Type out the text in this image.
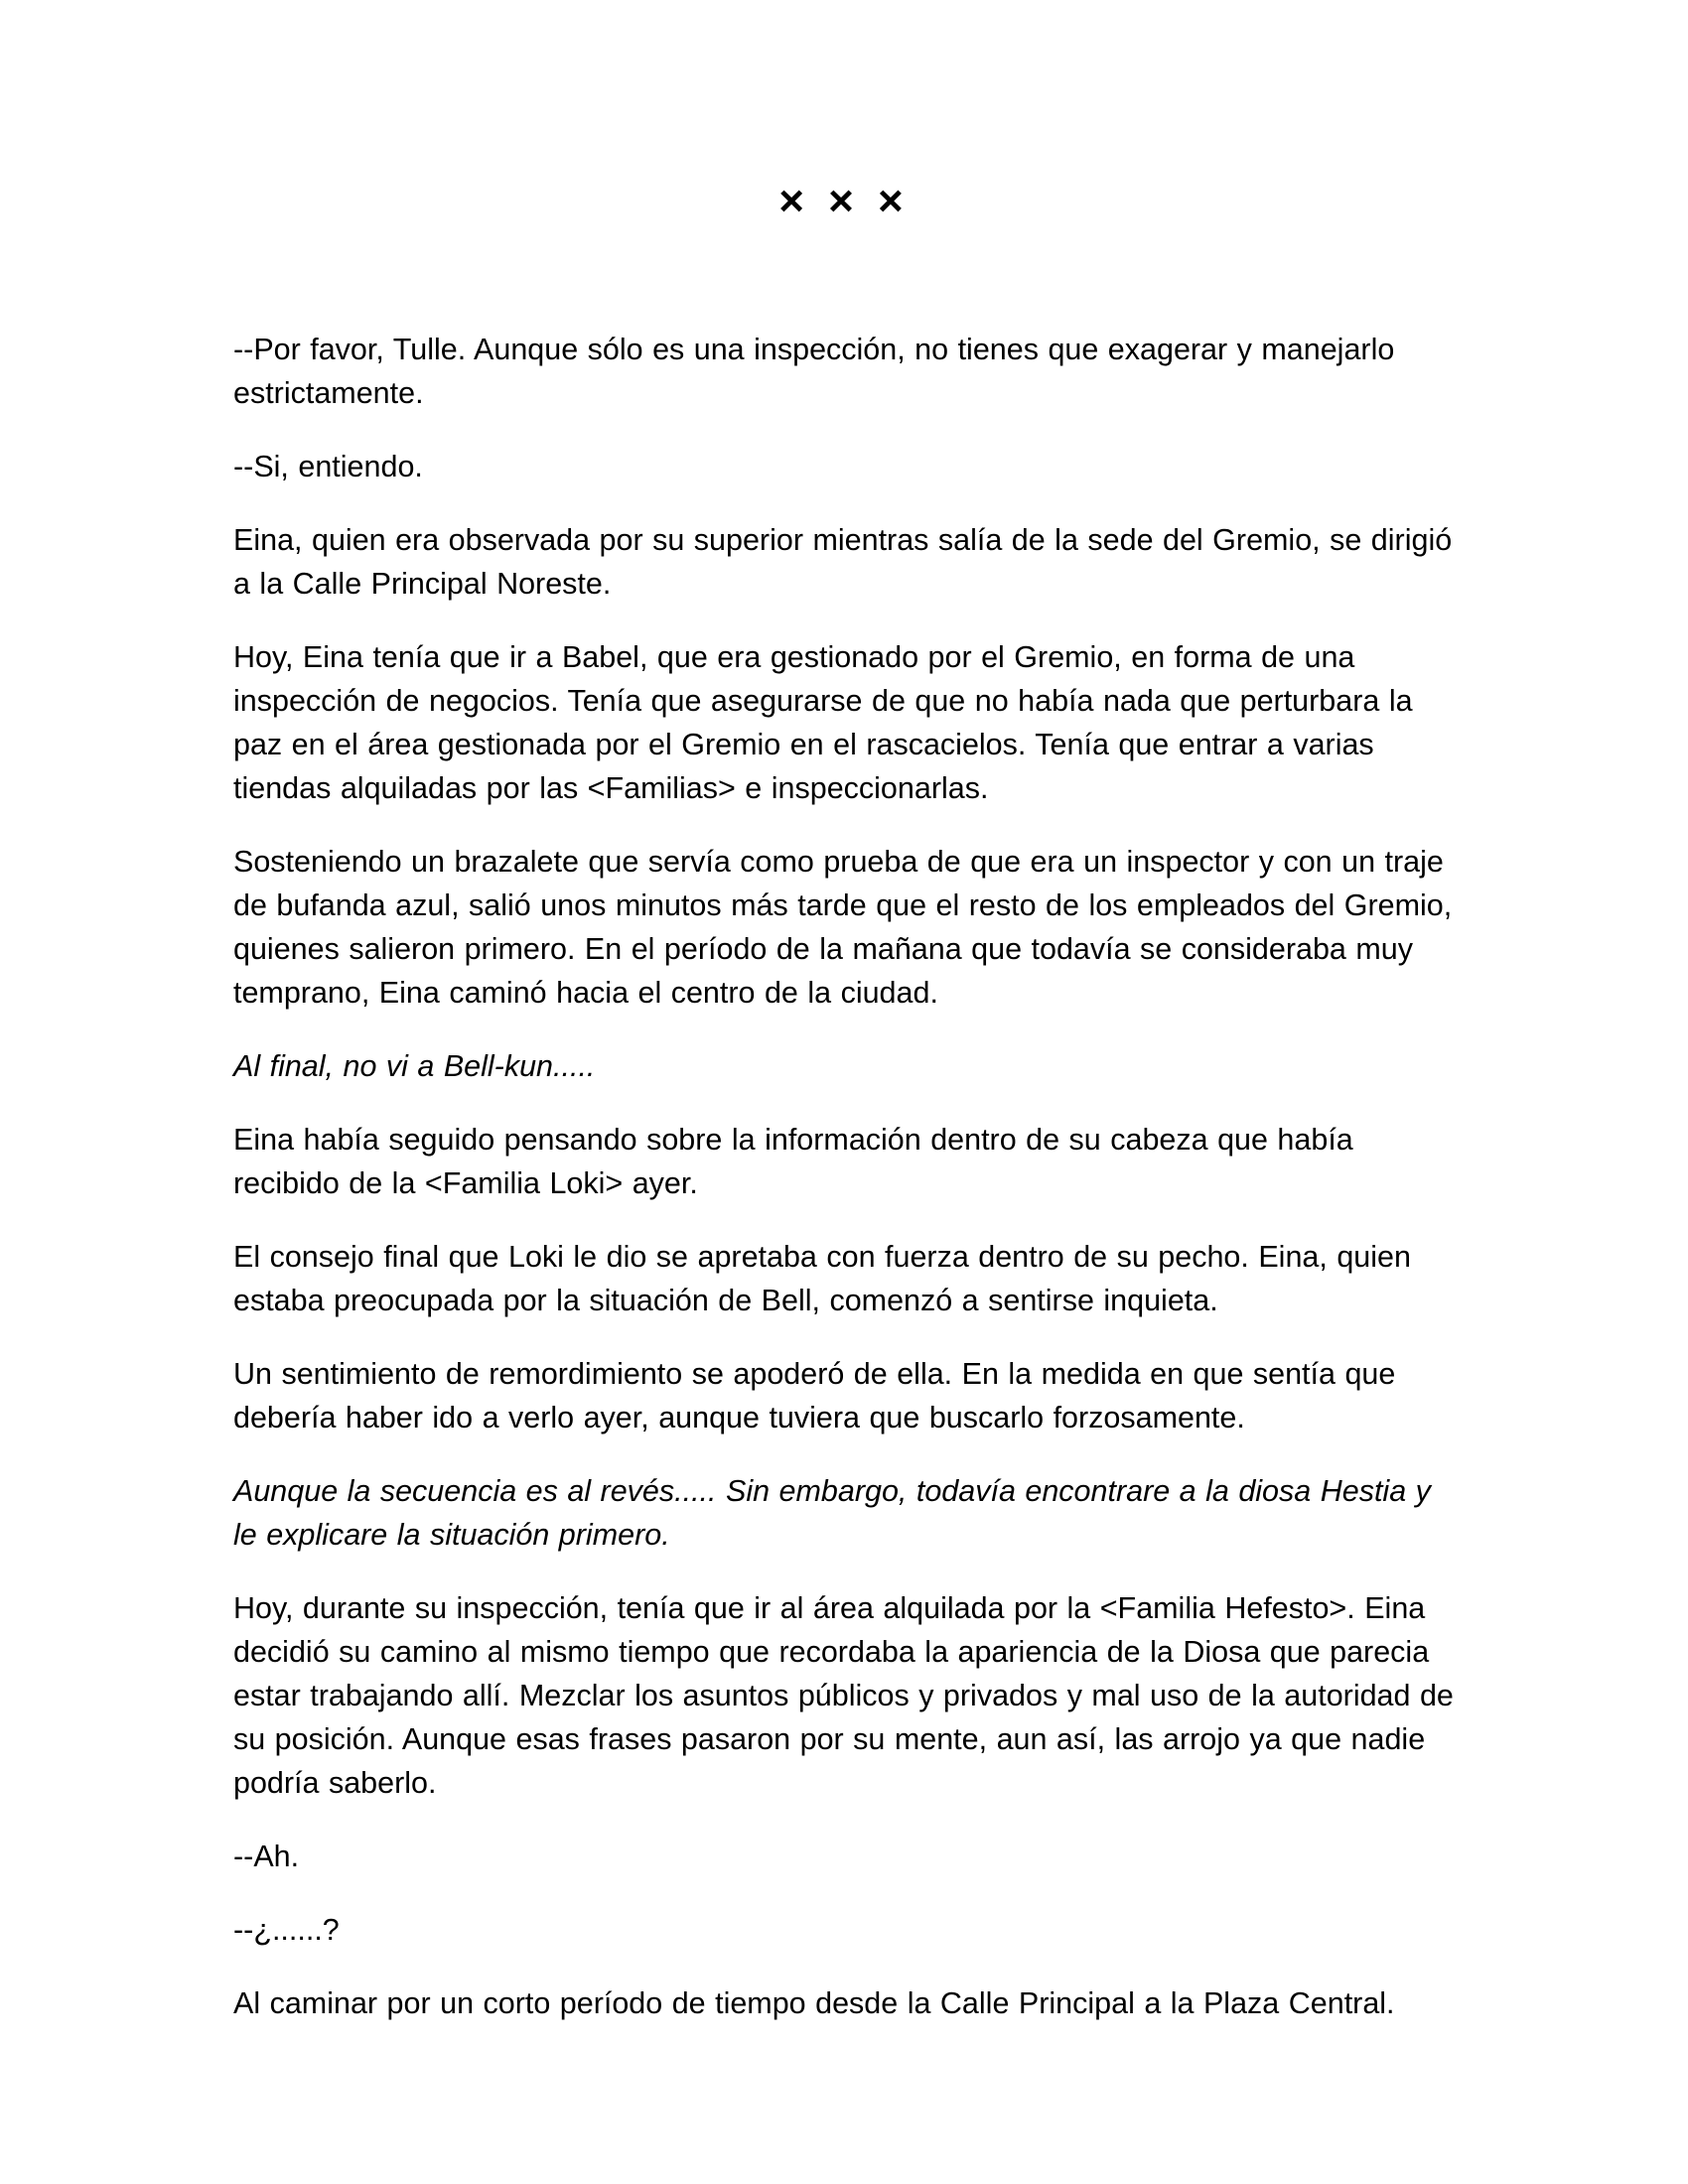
× × ×

--Por favor, Tulle. Aunque sólo es una inspección, no tienes que exagerar y manejarlo estrictamente.

--Si, entiendo.

Eina, quien era observada por su superior mientras salía de la sede del Gremio, se dirigió a la Calle Principal Noreste.

Hoy, Eina tenía que ir a Babel, que era gestionado por el Gremio, en forma de una inspección de negocios. Tenía que asegurarse de que no había nada que perturbara la paz en el área gestionada por el Gremio en el rascacielos. Tenía que entrar a varias tiendas alquiladas por las <Familias> e inspeccionarlas.

Sosteniendo un brazalete que servía como prueba de que era un inspector y con un traje de bufanda azul, salió unos minutos más tarde que el resto de los empleados del Gremio, quienes salieron primero. En el período de la mañana que todavía se consideraba muy temprano, Eina caminó hacia el centro de la ciudad.

Al final, no vi a Bell-kun.....

Eina había seguido pensando sobre la información dentro de su cabeza que había recibido de la <Familia Loki> ayer.

El consejo final que Loki le dio se apretaba con fuerza dentro de su pecho. Eina, quien estaba preocupada por la situación de Bell, comenzó a sentirse inquieta.

Un sentimiento de remordimiento se apoderó de ella. En la medida en que sentía que debería haber ido a verlo ayer, aunque tuviera que buscarlo forzosamente.

Aunque la secuencia es al revés..... Sin embargo, todavía encontrare a la diosa Hestia y le explicare la situación primero.

Hoy, durante su inspección, tenía que ir al área alquilada por la <Familia Hefesto>. Eina decidió su camino al mismo tiempo que recordaba la apariencia de la Diosa que parecia estar trabajando allí. Mezclar los asuntos públicos y privados y mal uso de la autoridad de su posición. Aunque esas frases pasaron por su mente, aun así, las arrojo ya que nadie podría saberlo.

--Ah.

--¿......?

Al caminar por un corto período de tiempo desde la Calle Principal a la Plaza Central.
